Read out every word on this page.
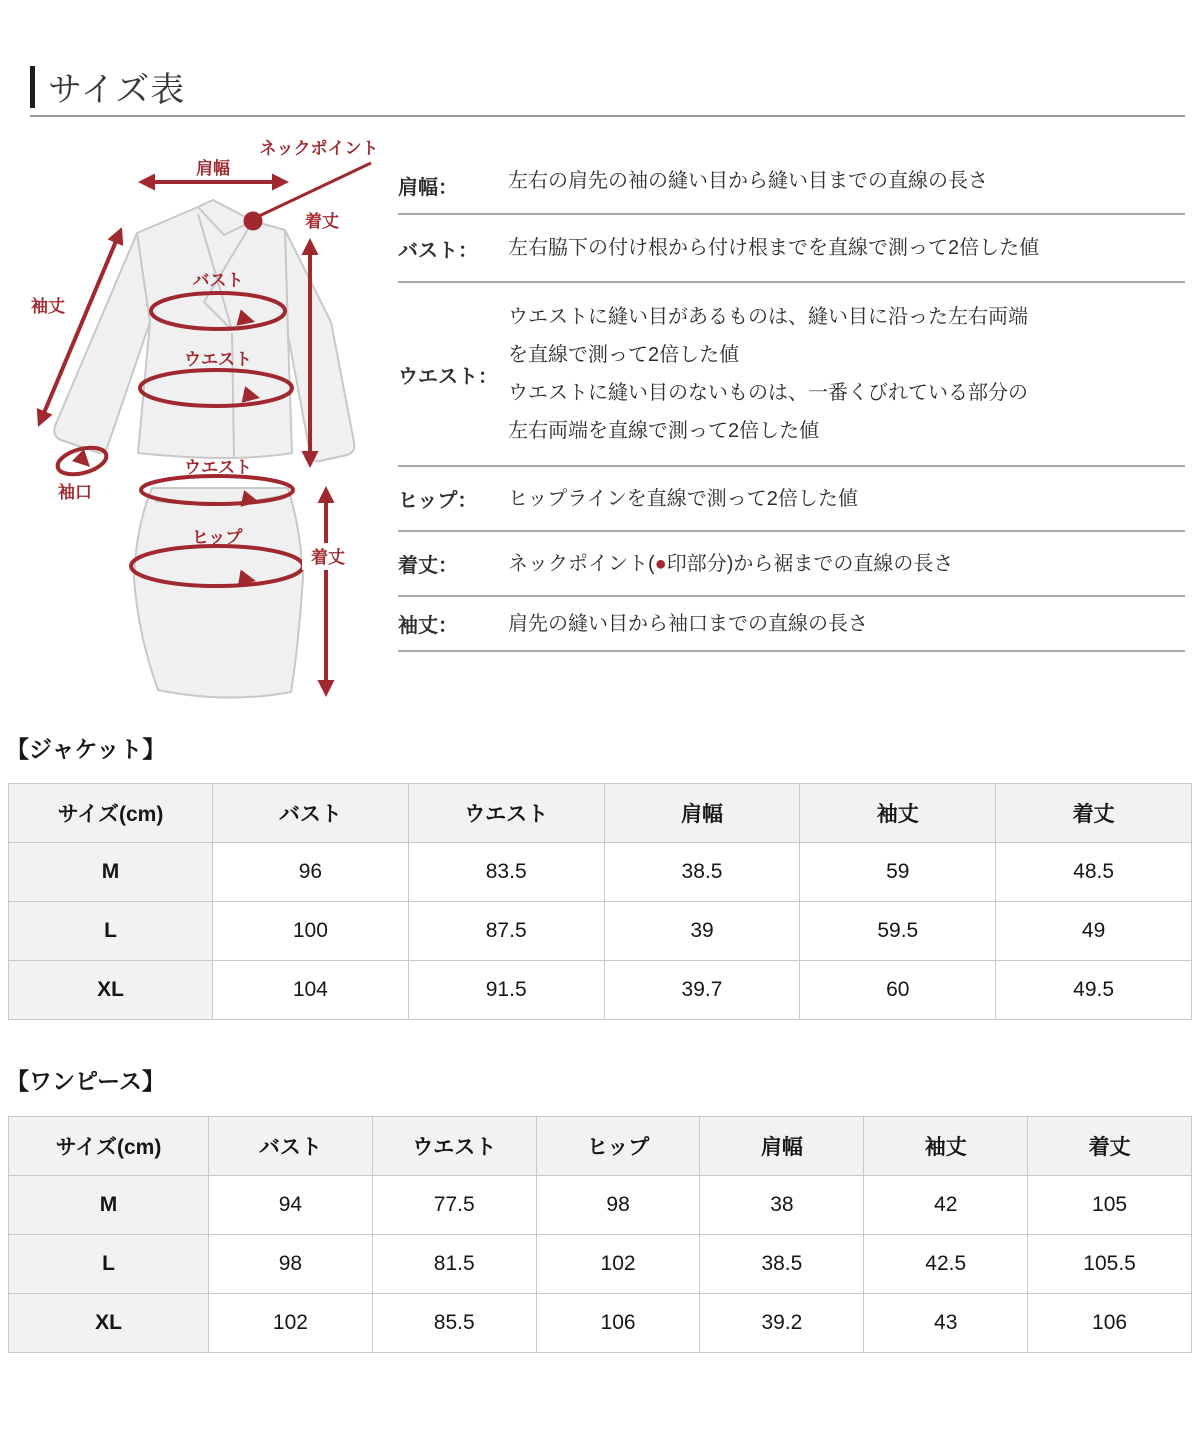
サイズ表
肩幅
ネックポイント
着丈
袖丈
バスト
ウエスト
袖口
ウエスト
ヒップ
着丈
肩幅：	左右の肩先の袖の縫い目から縫い目までの直線の長さ
バスト：	左右脇下の付け根から付け根までを直線で測って2倍した値
ウエスト：
ウエストに縫い目があるものは、縫い目に沿った左右両端
を直線で測って2倍した値
ウエストに縫い目のないものは、一番くびれている部分の
左右両端を直線で測って2倍した値
ヒップ：	ヒップラインを直線で測って2倍した値
着丈：	ネックポイント(●印部分)から裾までの直線の長さ
袖丈：	肩先の縫い目から袖口までの直線の長さ
【ジャケット】
サイズ(cm)	バスト	ウエスト	肩幅	袖丈	着丈
M	96	83.5	38.5	59	48.5
L	100	87.5	39	59.5	49
XL	104	91.5	39.7	60	49.5
【ワンピース】
サイズ(cm)	バスト	ウエスト	ヒップ	肩幅	袖丈	着丈
M	94	77.5	98	38	42	105
L	98	81.5	102	38.5	42.5	105.5
XL	102	85.5	106	39.2	43	106
